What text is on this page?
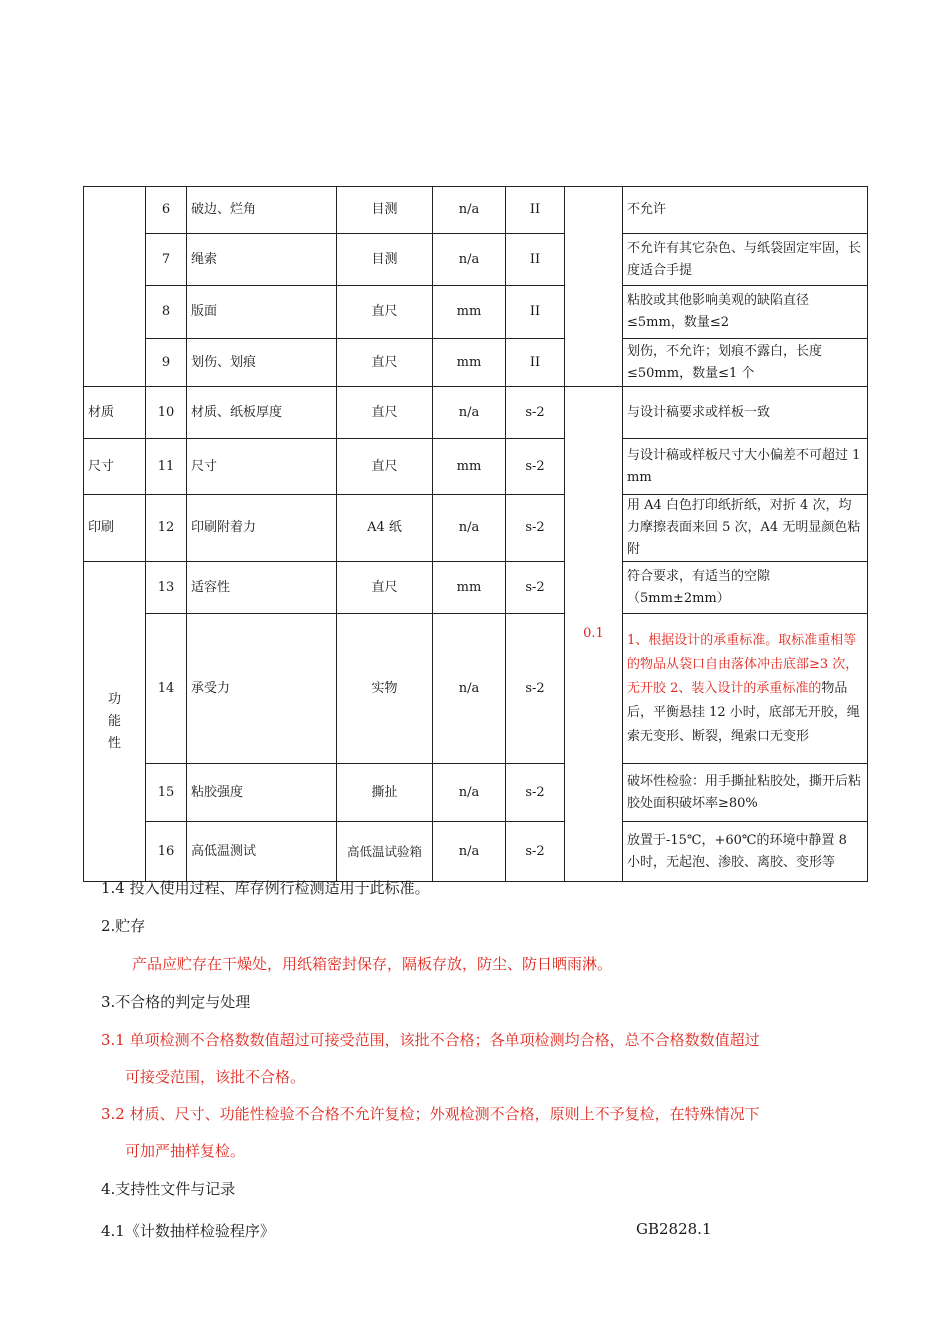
	6	破边、烂角	目测	n/a	II		不允许
	7	绳索	目测	n/a	II		不允许有其它杂色、与纸袋固定牢固，长度适合手提
	8	版面	直尺	mm	II		粘胶或其他影响美观的缺陷直径≤5mm，数量≤2
	9	划伤、划痕	直尺	mm	II		划伤，不允许；划痕不露白，长度≤50mm，数量≤1 个
材质	10	材质、纸板厚度	直尺	n/a	s-2	0.1	与设计稿要求或样板一致
尺寸	11	尺寸	直尺	mm	s-2		与设计稿或样板尺寸大小偏差不可超过 1 mm
印刷	12	印刷附着力	A4 纸	n/a	s-2		用 A4 白色打印纸折纸，对折 4 次，均力摩擦表面来回 5 次，A4 无明显颜色粘附
功能性	13	适容性	直尺	mm	s-2		符合要求，有适当的空隙（5mm±2mm）
	14	承受力	实物	n/a	s-2		1、根据设计的承重标准。取标准重相等的物品从袋口自由落体冲击底部≥3 次，无开胶 2、装入设计的承重标准的物品后，平衡悬挂 12 小时，底部无开胶，绳索无变形、断裂，绳索口无变形
	15	粘胶强度	撕扯	n/a	s-2		破坏性检验：用手撕扯粘胶处，撕开后粘胶处面积破坏率≥80%
	16	高低温测试	高低温试验箱	n/a	s-2		放置于-15℃，+60℃的环境中静置 8 小时，无起泡、渗胶、离胶、变形等
1.4 投入使用过程、库存例行检测适用于此标准。
2.贮存
产品应贮存在干燥处，用纸箱密封保存，隔板存放，防尘、防日晒雨淋。
3.不合格的判定与处理
3.1 单项检测不合格数数值超过可接受范围，该批不合格；各单项检测均合格，总不合格数数值超过
可接受范围，该批不合格。
3.2 材质、尺寸、功能性检验不合格不允许复检；外观检测不合格，原则上不予复检，在特殊情况下
可加严抽样复检。
4.支持性文件与记录
4.1《计数抽样检验程序》	GB2828.1
